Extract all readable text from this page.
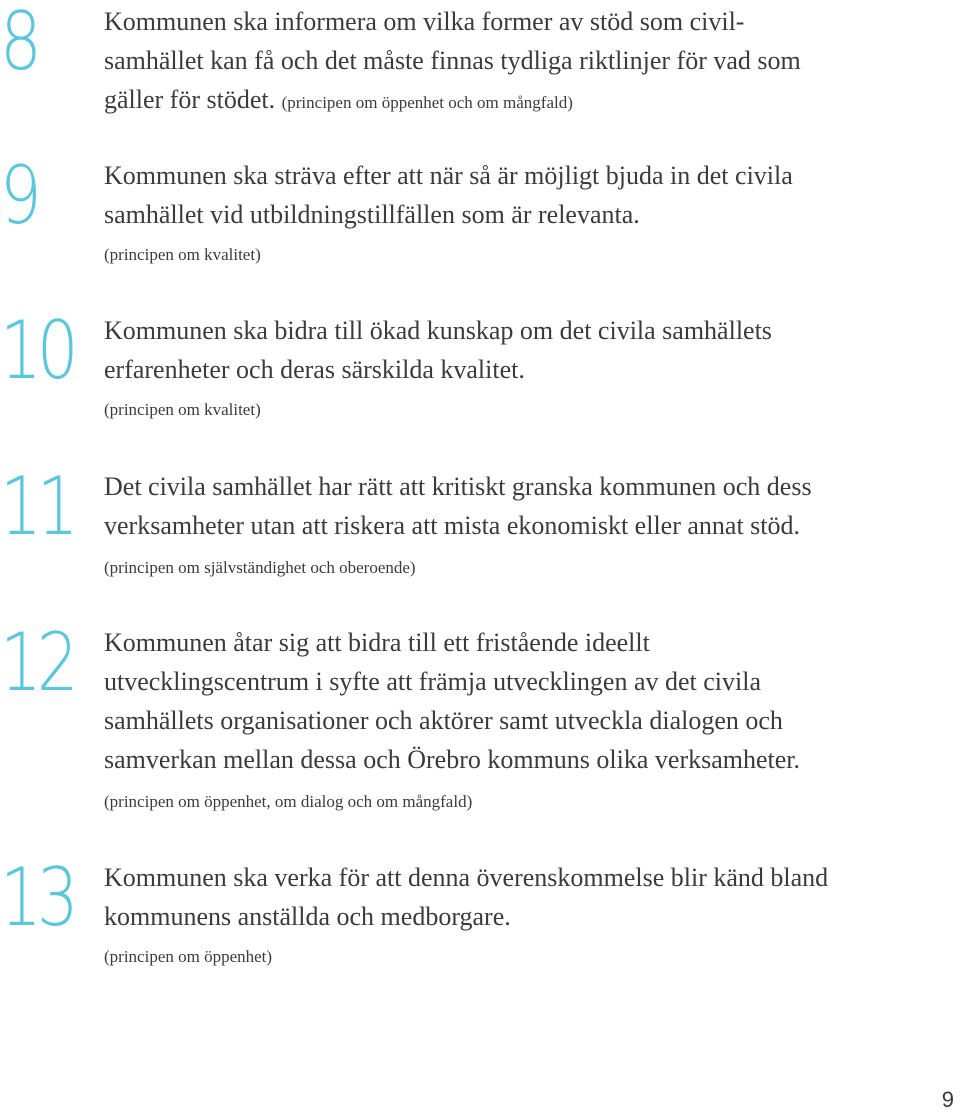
8	Kommunen ska informera om vilka former av stöd som civil-samhället kan få och det måste finnas tydliga riktlinjer för vad som gäller för stödet. (principen om öppenhet och om mångfald)
9	Kommunen ska sträva efter att när så är möjligt bjuda in det civila samhället vid utbildningstillfällen som är relevanta.
(principen om kvalitet)
10 Kommunen ska bidra till ökad kunskap om det civila samhällets erfarenheter och deras särskilda kvalitet.
(principen om kvalitet)
11 Det civila samhället har rätt att kritiskt granska kommunen och dess verksamheter utan att riskera att mista ekonomiskt eller annat stöd. (principen om självständighet och oberoende)
12 Kommunen åtar sig att bidra till ett fristående ideellt utvecklingscentrum i syfte att främja utvecklingen av det civila samhällets organisationer och aktörer samt utveckla dialogen och samverkan mellan dessa och Örebro kommuns olika verksamheter. (principen om öppenhet, om dialog och om mångfald)
13 Kommunen ska verka för att denna överenskommelse blir känd bland kommunens anställda och medborgare.
(principen om öppenhet)
9
